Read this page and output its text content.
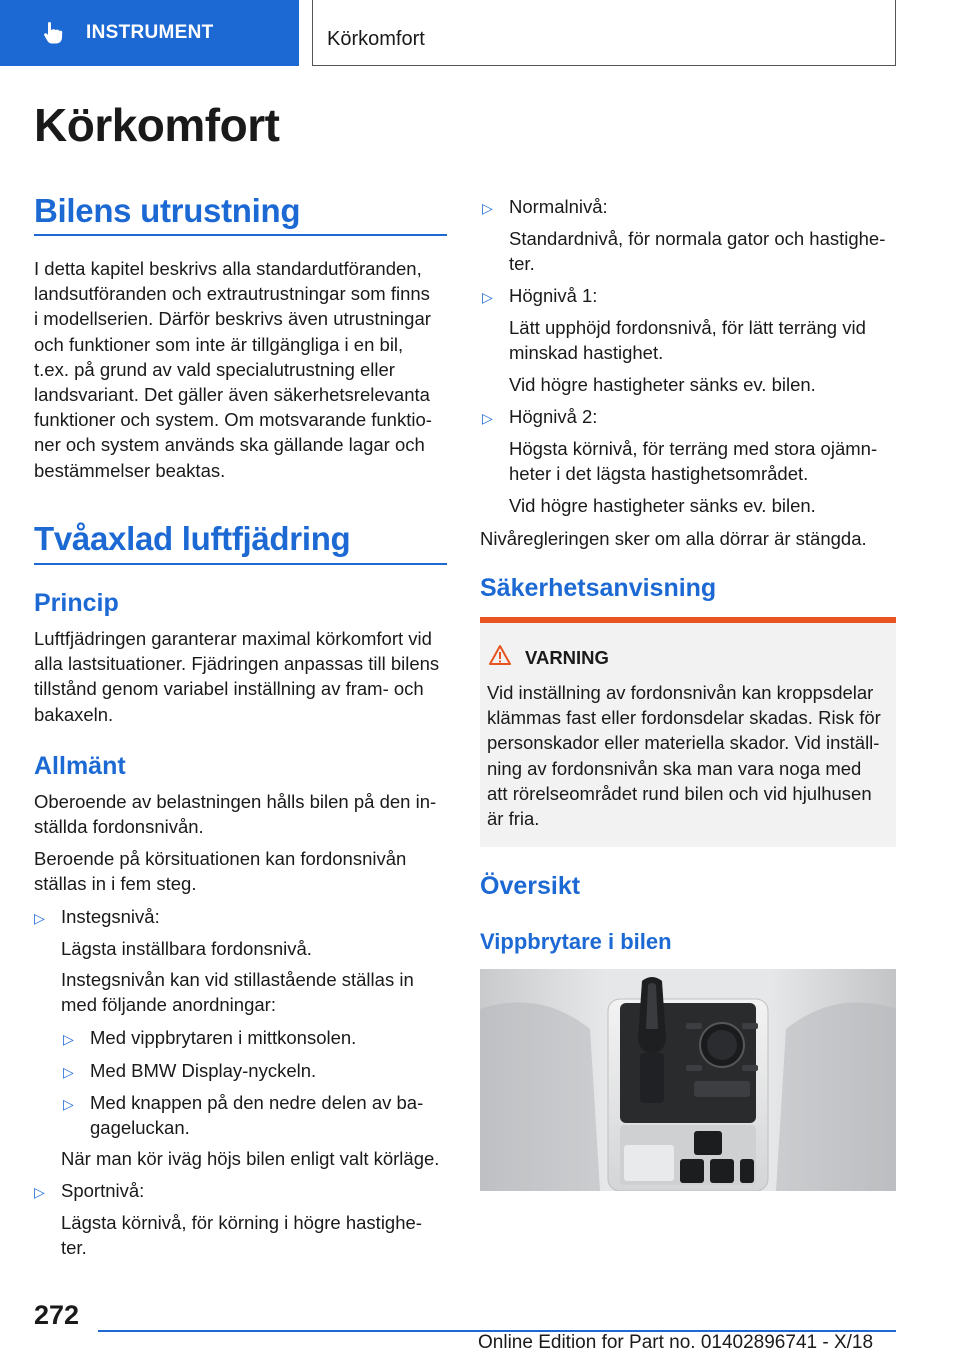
INSTRUMENT	Körkomfort
Körkomfort
Bilens utrustning
I detta kapitel beskrivs alla standardutföranden,
landsutföranden och extrautrustningar som finns
i modellserien. Därför beskrivs även utrustningar
och funktioner som inte är tillgängliga i en bil,
t.ex. på grund av vald specialutrustning eller
landsvariant. Det gäller även säkerhetsrelevanta
funktioner och system. Om motsvarande funktio-
ner och system används ska gällande lagar och
bestämmelser beaktas.
Tvåaxlad luftfjädring
Princip
Luftfjädringen garanterar maximal körkomfort vid
alla lastsituationer. Fjädringen anpassas till bilens
tillstånd genom variabel inställning av fram- och
bakaxeln.
Allmänt
Oberoende av belastningen hålls bilen på den in-
ställda fordonsnivån.
Beroende på körsituationen kan fordonsnivån
ställas in i fem steg.
▷ Instegsnivå:
Lägsta inställbara fordonsnivå.
Instegsnivån kan vid stillastående ställas in
med följande anordningar:
▷ Med vippbrytaren i mittkonsolen.
▷ Med BMW Display-nyckeln.
▷ Med knappen på den nedre delen av ba-
gageluckan.
När man kör iväg höjs bilen enligt valt körläge.
▷ Sportnivå:
Lägsta körnivå, för körning i högre hastighe-
ter.
▷ Normalnivå:
Standardnivå, för normala gator och hastighe-
ter.
▷ Högnivå 1:
Lätt upphöjd fordonsnivå, för lätt terräng vid
minskad hastighet.
Vid högre hastigheter sänks ev. bilen.
▷ Högnivå 2:
Högsta körnivå, för terräng med stora ojämn-
heter i det lägsta hastighetsområdet.
Vid högre hastigheter sänks ev. bilen.
Nivåregleringen sker om alla dörrar är stängda.
Säkerhetsanvisning
VARNING
Vid inställning av fordonsnivån kan kroppsdelar
klämmas fast eller fordonsdelar skadas. Risk för
personskador eller materiella skador. Vid inställ-
ning av fordonsnivån ska man vara noga med
att rörelseområdet rund bilen och vid hjulhusen
är fria.
Översikt
Vippbrytare i bilen
272
Online Edition for Part no. 01402896741 - X/18
